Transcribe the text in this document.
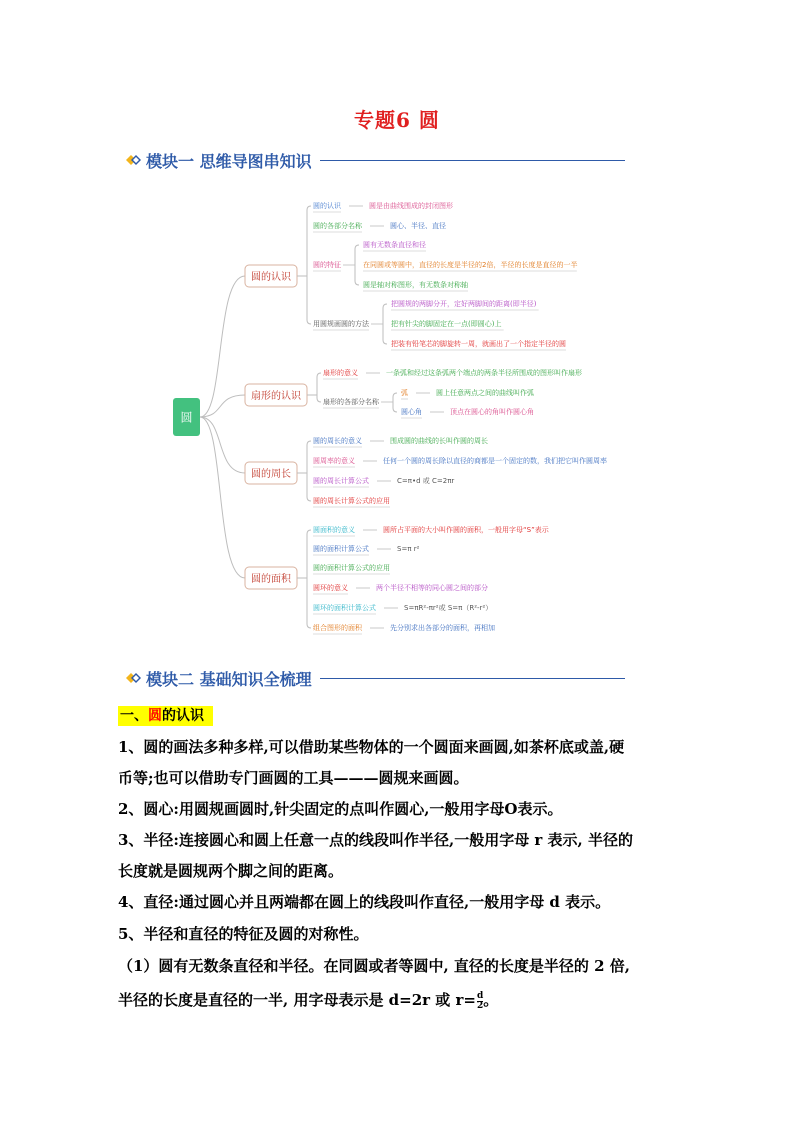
专题6 圆
模块一 思维导图串知识
圆的认识
圆的认识	圆是由曲线围成的封闭图形
圆的各部分名称	圆心、半径、直径
圆的特征
圆有无数条直径和径
在同圆或等圆中，直径的长度是半径的2倍，半径的长度是直径的一半
圆是轴对称图形，有无数条对称轴
用圆规画圆的方法
把圆规的两脚分开，定好两脚间的距离(即半径)
把有针尖的脚固定在一点(即圆心)上
把装有铅笔芯的脚旋转一周，就画出了一个指定半径的圆
扇形的认识
扇形的意义	一条弧和经过这条弧两个端点的两条半径所围成的图形叫作扇形
扇形的各部分名称
弧	圆上任意两点之间的曲线叫作弧
圆心角	顶点在圆心的角叫作圆心角
圆的周长
圆的周长的意义	围成圆的曲线的长叫作圆的周长
圆周率的意义	任何一个圆的周长除以直径的商都是一个固定的数，我们把它叫作圆周率
圆的周长计算公式	C=π•d 或 C=2πr
圆的周长计算公式的应用
圆的面积
圆面积的意义	圆所占平面的大小叫作圆的面积，一般用字母“S”表示
圆的面积计算公式	S=π r²
圆的面积计算公式的应用
圆环的意义	两个半径不相等的同心圆之间的部分
圆环的面积计算公式	S=πR²-πr²或 S=π（R²-r²）
组合图形的面积	先分别求出各部分的面积，再相加
圆
模块二 基础知识全梳理
一、圆的认识
1、圆的画法多种多样,可以借助某些物体的一个圆面来画圆,如茶杯底或盖,硬
币等;也可以借助专门画圆的工具———圆规来画圆。
2、圆心:用圆规画圆时,针尖固定的点叫作圆心,一般用字母O表示。
3、半径:连接圆心和圆上任意一点的线段叫作半径,一般用字母 r 表示, 半径的
长度就是圆规两个脚之间的距离。
4、直径:通过圆心并且两端都在圆上的线段叫作直径,一般用字母 d 表示。
5、半径和直径的特征及圆的对称性。
（1）圆有无数条直径和半径。在同圆或者等圆中, 直径的长度是半径的 2 倍,
半径的长度是直径的一半, 用字母表示是 d=2r 或 $r= \frac{d}{2}$ 。
